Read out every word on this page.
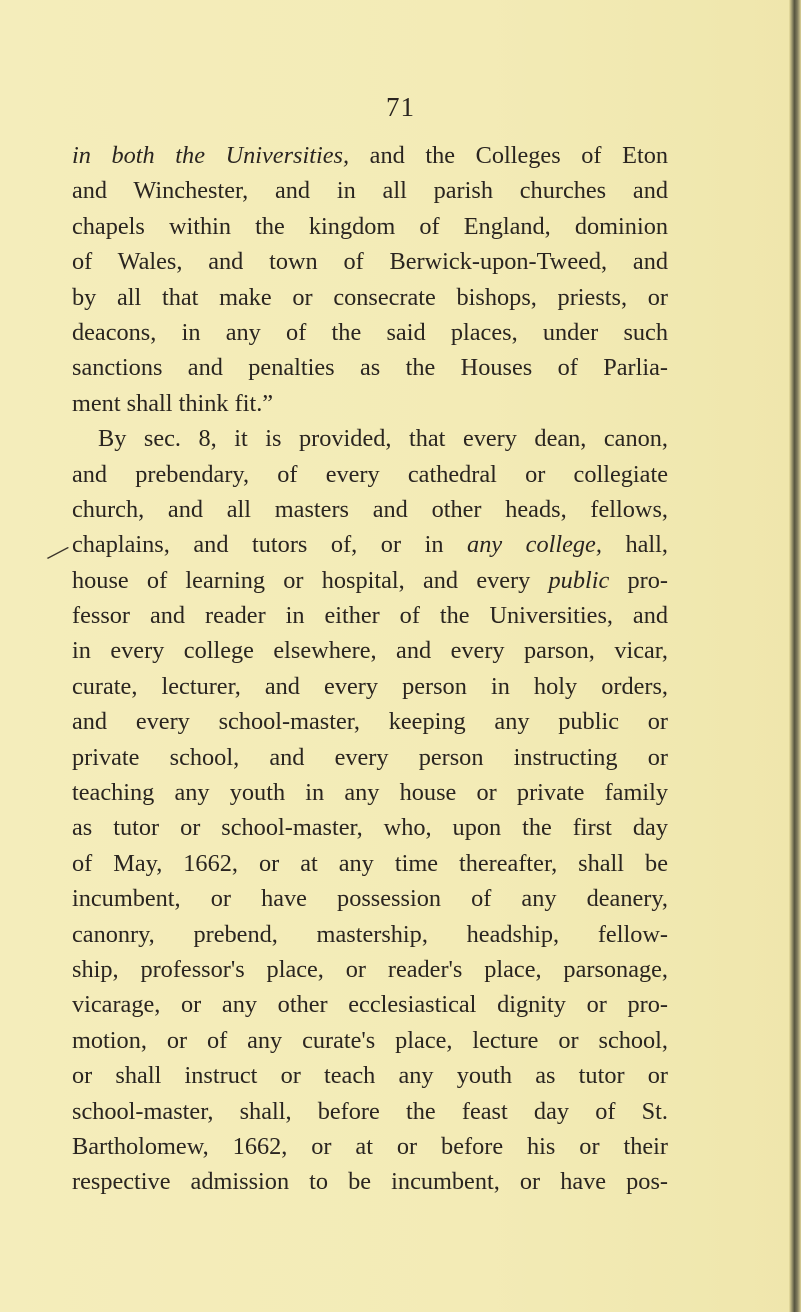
71
╱
in both the Universities, and the Colleges of Eton
and Winchester, and in all parish churches and
chapels within the kingdom of England, dominion
of Wales, and town of Berwick-upon-Tweed, and
by all that make or consecrate bishops, priests, or
deacons, in any of the said places, under such
sanctions and penalties as the Houses of Parlia-
ment shall think fit.”
By sec. 8, it is provided, that every dean, canon,
and prebendary, of every cathedral or collegiate
church, and all masters and other heads, fellows,
chaplains, and tutors of, or in any college, hall,
house of learning or hospital, and every public pro-
fessor and reader in either of the Universities, and
in every college elsewhere, and every parson, vicar,
curate, lecturer, and every person in holy orders,
and every school-master, keeping any public or
private school, and every person instructing or
teaching any youth in any house or private family
as tutor or school-master, who, upon the first day
of May, 1662, or at any time thereafter, shall be
incumbent, or have possession of any deanery,
canonry, prebend, mastership, headship, fellow-
ship, professor's place, or reader's place, parsonage,
vicarage, or any other ecclesiastical dignity or pro-
motion, or of any curate's place, lecture or school,
or shall instruct or teach any youth as tutor or
school-master, shall, before the feast day of St.
Bartholomew, 1662, or at or before his or their
respective admission to be incumbent, or have pos-
